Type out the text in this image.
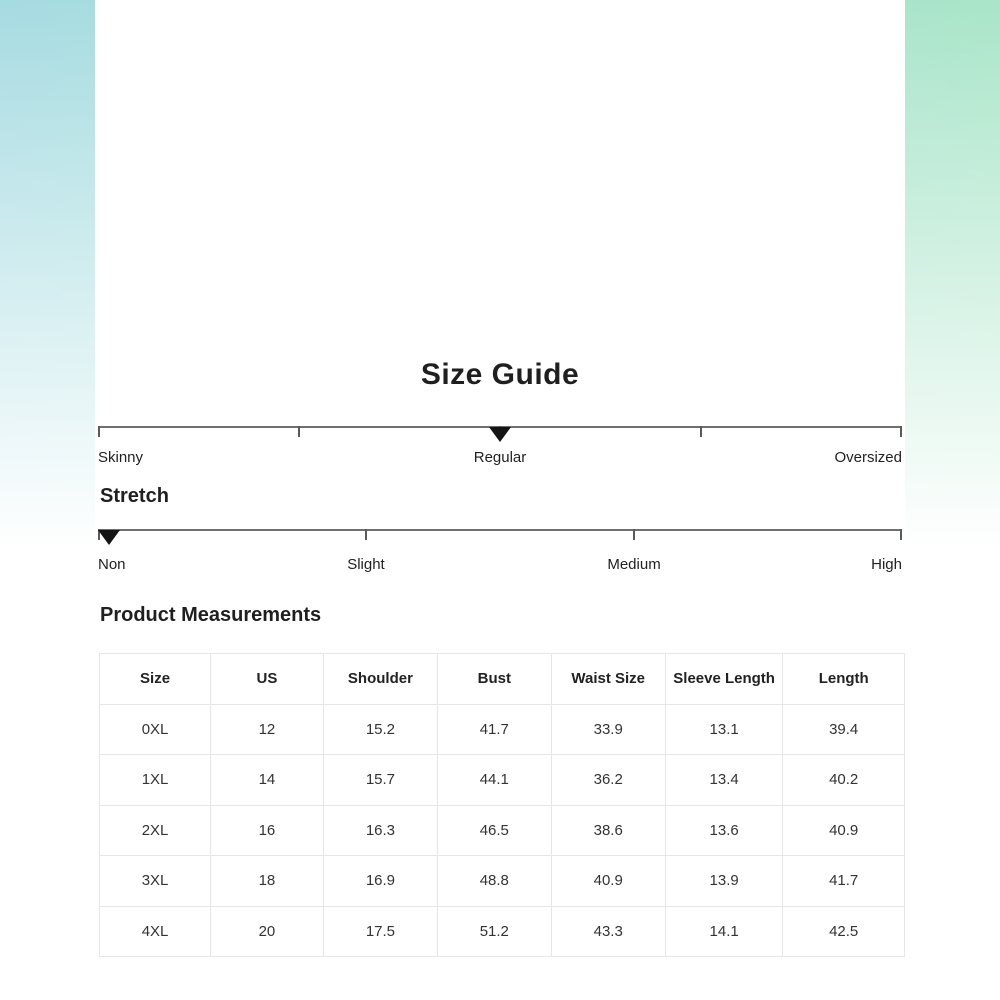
Size Guide
Skinny	Regular	Oversized
Stretch
Non	Slight	Medium	High
Product Measurements
Size	US	Shoulder	Bust	Waist Size	Sleeve Length	Length
0XL	12	15.2	41.7	33.9	13.1	39.4
1XL	14	15.7	44.1	36.2	13.4	40.2
2XL	16	16.3	46.5	38.6	13.6	40.9
3XL	18	16.9	48.8	40.9	13.9	41.7
4XL	20	17.5	51.2	43.3	14.1	42.5
